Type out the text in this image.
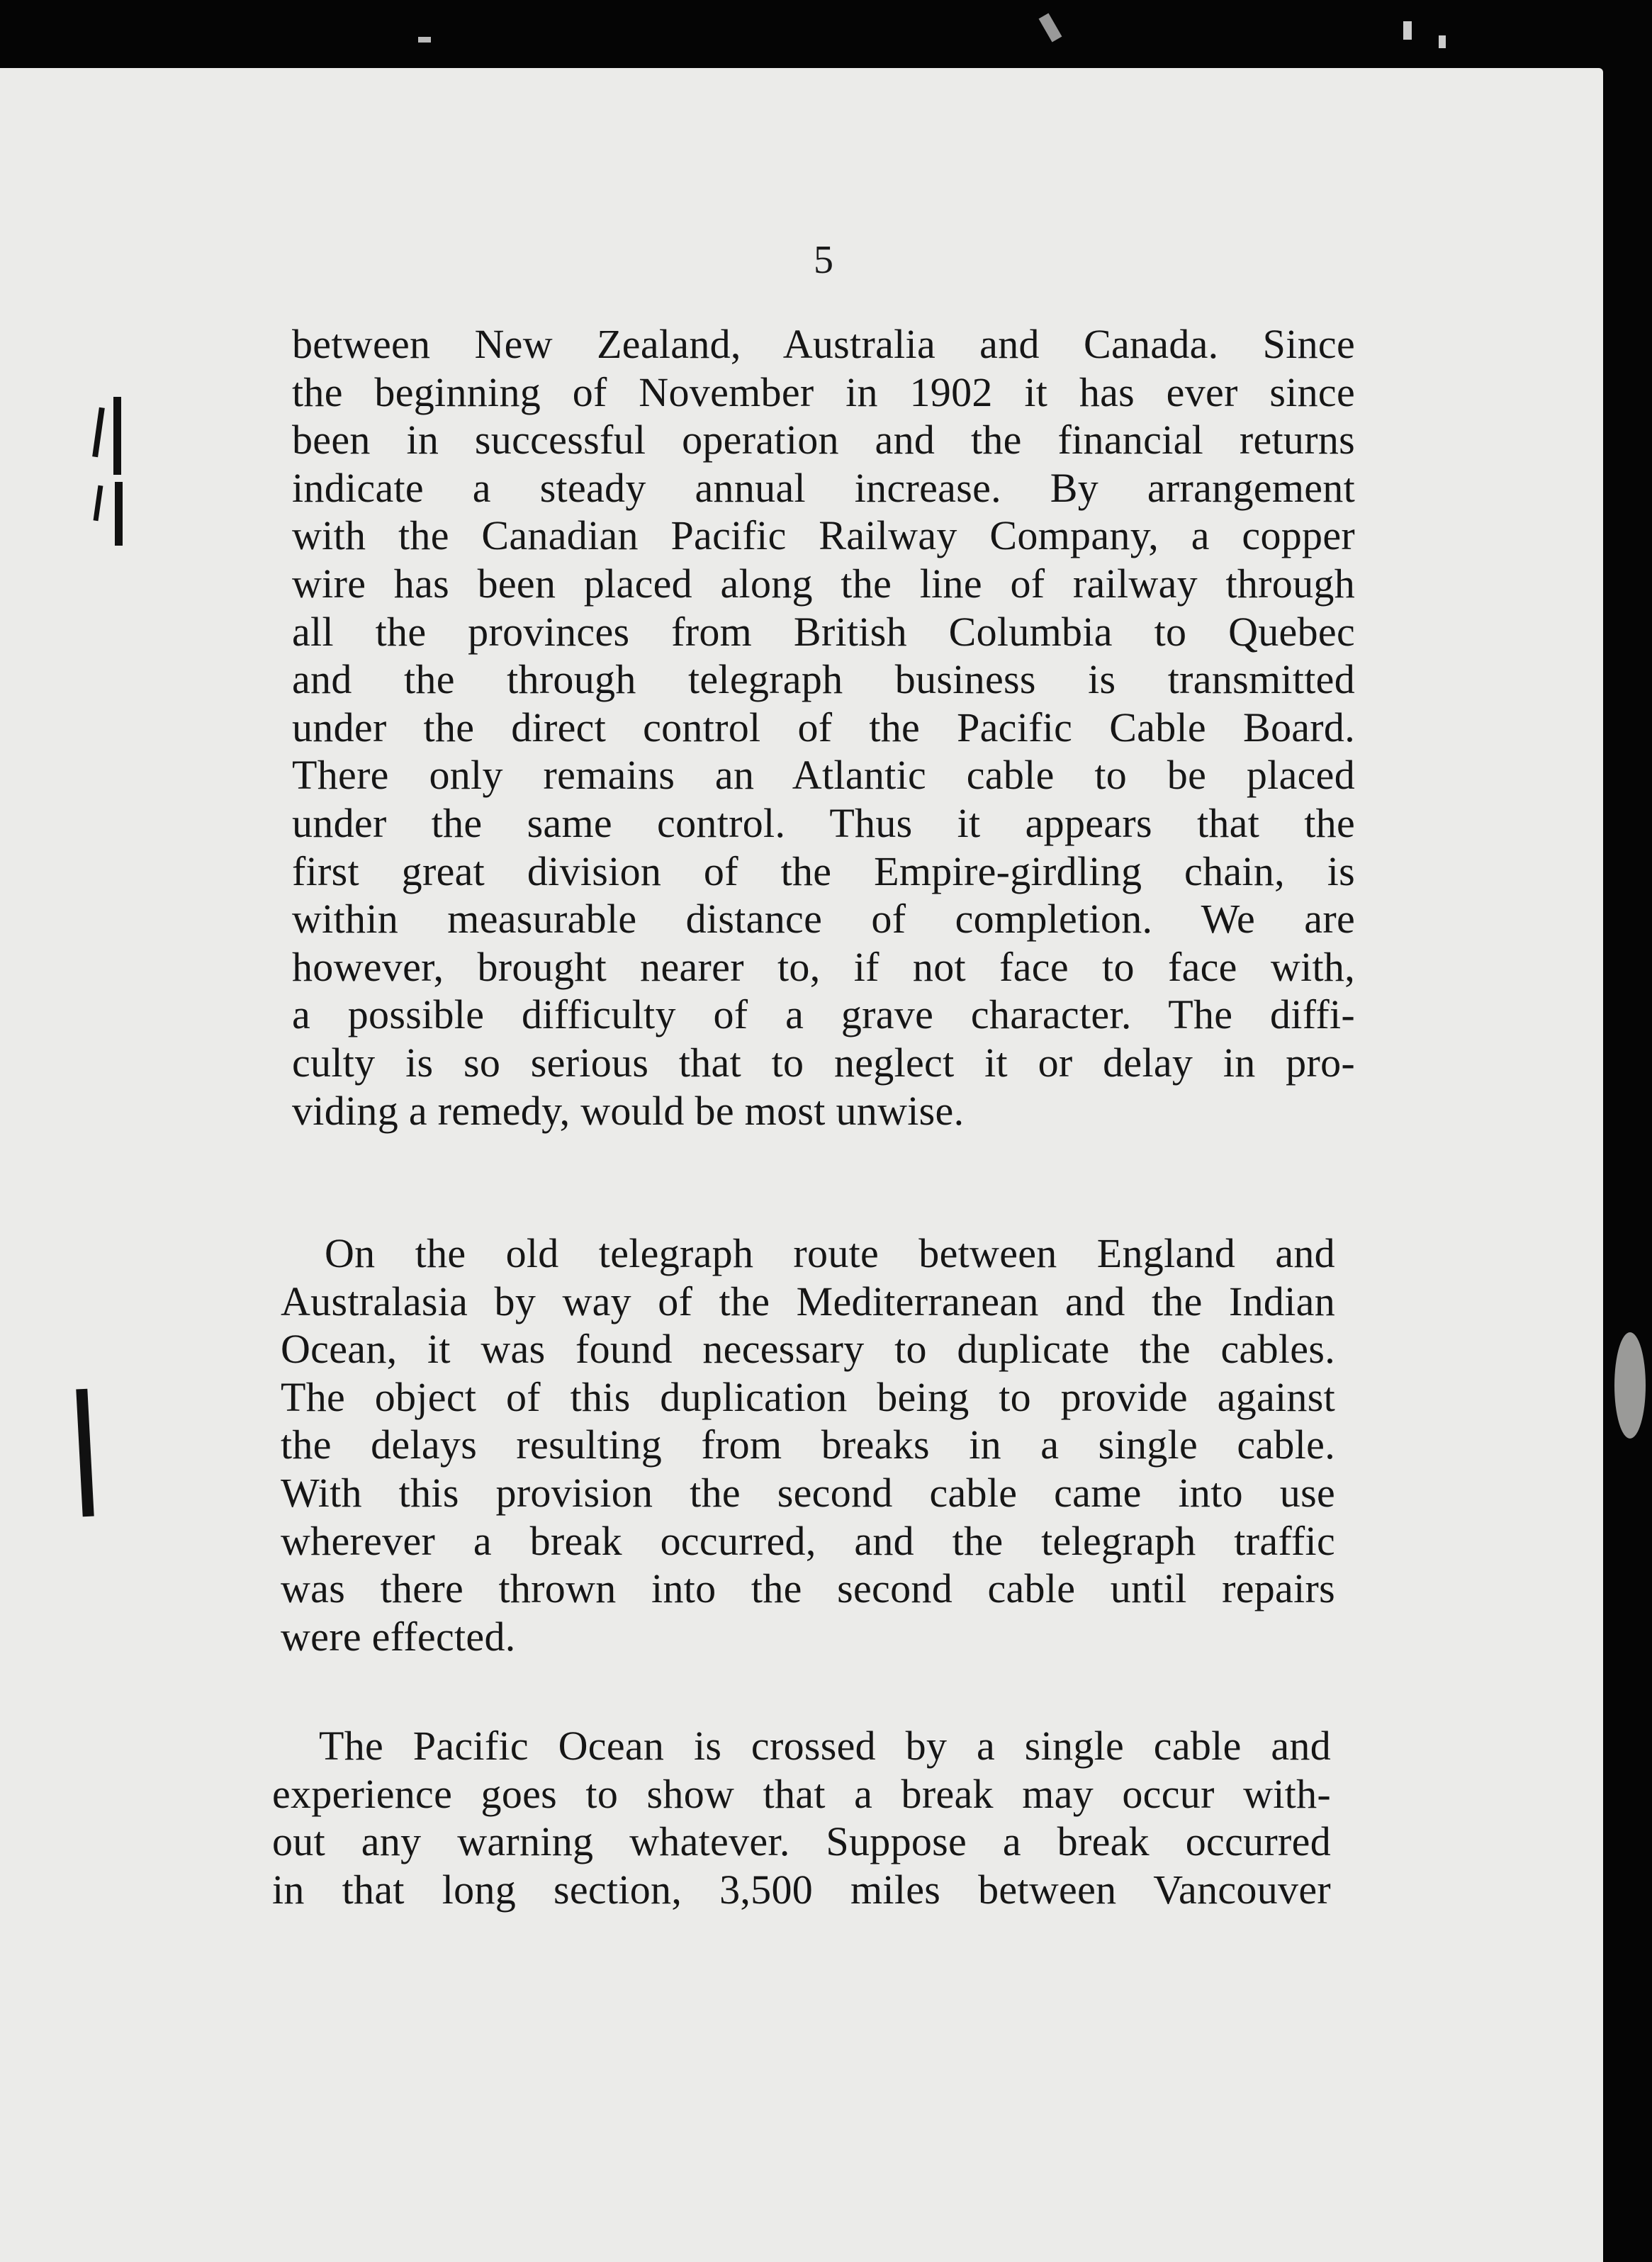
5

between New Zealand, Australia and Canada. Since
the beginning of November in 1902 it has ever since
been in successful operation and the financial returns
indicate a steady annual increase. By arrangement
with the Canadian Pacific Railway Company, a copper
wire has been placed along the line of railway through
all the provinces from British Columbia to Quebec
and the through telegraph business is transmitted
under the direct control of the Pacific Cable Board.
There only remains an Atlantic cable to be placed
under the same control. Thus it appears that the
first great division of the Empire-girdling chain, is
within measurable distance of completion. We are
however, brought nearer to, if not face to face with,
a possible difficulty of a grave character. The diffi-
culty is so serious that to neglect it or delay in pro-
viding a remedy, would be most unwise.
On the old telegraph route between England and
Australasia by way of the Mediterranean and the Indian
Ocean, it was found necessary to duplicate the cables.
The object of this duplication being to provide against
the delays resulting from breaks in a single cable.
With this provision the second cable came into use
wherever a break occurred, and the telegraph traffic
was there thrown into the second cable until repairs
were effected.
The Pacific Ocean is crossed by a single cable and
experience goes to show that a break may occur with-
out any warning whatever. Suppose a break occurred
in that long section, 3,500 miles between Vancouver
